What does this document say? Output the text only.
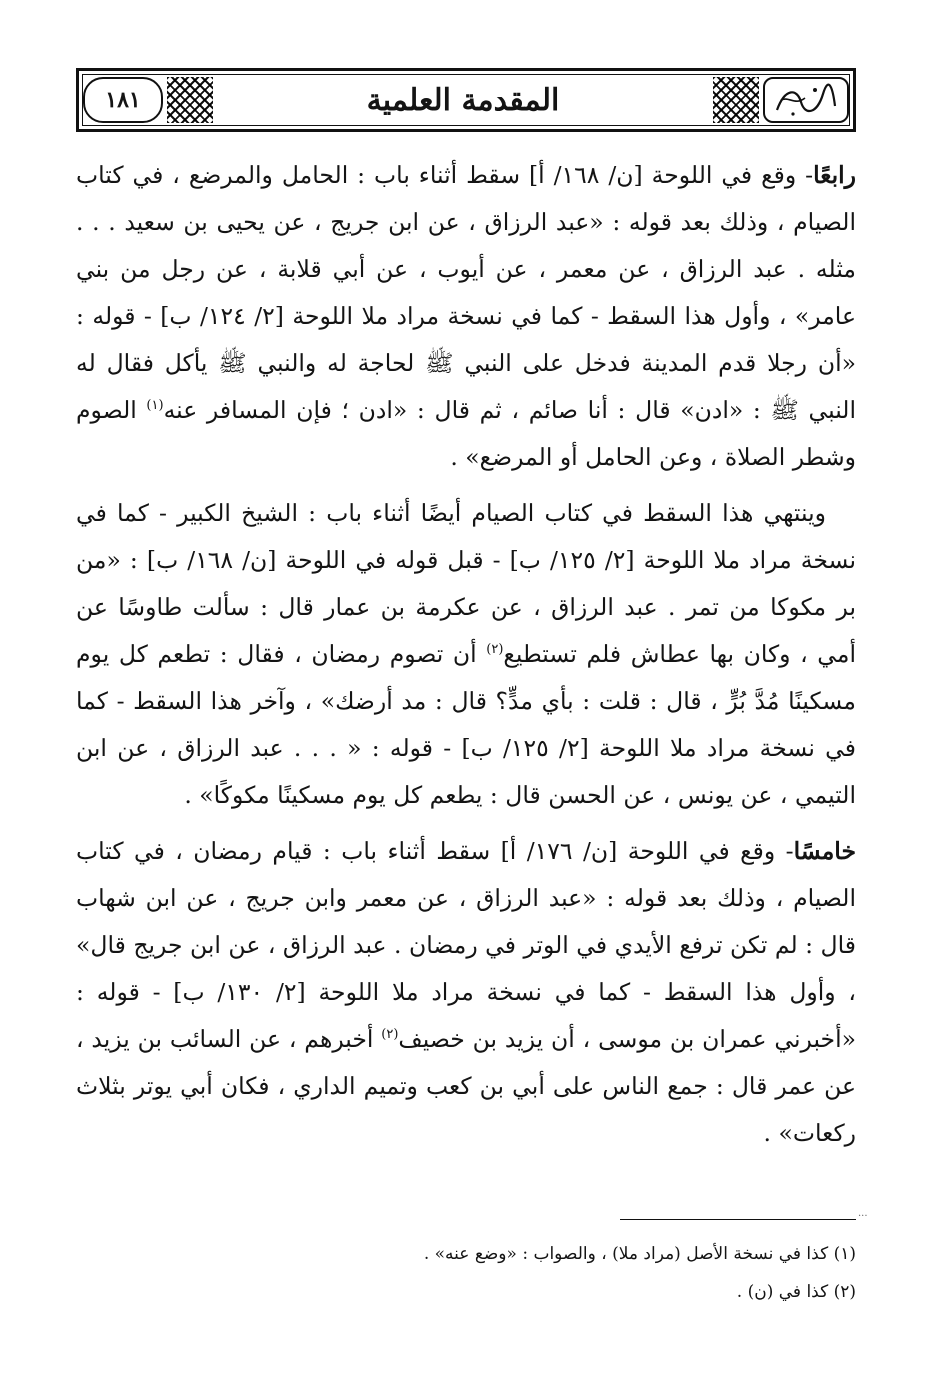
المقدمة العلمية
١٨١

رابعًا- وقع في اللوحة [ن/ ١٦٨/ أ] سقط أثناء باب : الحامل والمرضع ، في كتاب الصيام ، وذلك بعد قوله : «عبد الرزاق ، عن ابن جريج ، عن يحيى بن سعيد . . . مثله . عبد الرزاق ، عن معمر ، عن أيوب ، عن أبي قلابة ، عن رجل من بني عامر» ، وأول هذا السقط - كما في نسخة مراد ملا اللوحة [٢/ ١٢٤/ ب] - قوله : «أن رجلا قدم المدينة فدخل على النبي ﷺ لحاجة له والنبي ﷺ يأكل فقال له النبي ﷺ : «ادن» قال : أنا صائم ، ثم قال : «ادن ؛ فإن المسافر عنه$^{(١)}$ الصوم وشطر الصلاة ، وعن الحامل أو المرضع» .

وينتهي هذا السقط في كتاب الصيام أيضًا أثناء باب : الشيخ الكبير - كما في نسخة مراد ملا اللوحة [٢/ ١٢٥/ ب] - قبل قوله في اللوحة [ن/ ١٦٨/ ب] : «من بر مكوكا من تمر . عبد الرزاق ، عن عكرمة بن عمار قال : سألت طاوسًا عن أمي ، وكان بها عطاش فلم تستطيع$^{(٢)}$ أن تصوم رمضان ، فقال : تطعم كل يوم مسكينًا مُدَّ بُرٍّ ، قال : قلت : بأي مدٍّ؟ قال : مد أرضك» ، وآخر هذا السقط - كما في نسخة مراد ملا اللوحة [٢/ ١٢٥/ ب] - قوله : « . . . عبد الرزاق ، عن ابن التيمي ، عن يونس ، عن الحسن قال : يطعم كل يوم مسكينًا مكوكًا» .

خامسًا- وقع في اللوحة [ن/ ١٧٦/ أ] سقط أثناء باب : قيام رمضان ، في كتاب الصيام ، وذلك بعد قوله : «عبد الرزاق ، عن معمر وابن جريج ، عن ابن شهاب قال : لم تكن ترفع الأيدي في الوتر في رمضان . عبد الرزاق ، عن ابن جريج قال» ، وأول هذا السقط - كما في نسخة مراد ملا اللوحة [٢/ ١٣٠/ ب] - قوله : «أخبرني عمران بن موسى ، أن يزيد بن خصيف$^{(٢)}$ أخبرهم ، عن السائب بن يزيد ، عن عمر قال : جمع الناس على أبي بن كعب وتميم الداري ، فكان أبي يوتر بثلاث ركعات» .

...

(١) كذا في نسخة الأصل (مراد ملا) ، والصواب : «وضع عنه» .

(٢) كذا في (ن) .
